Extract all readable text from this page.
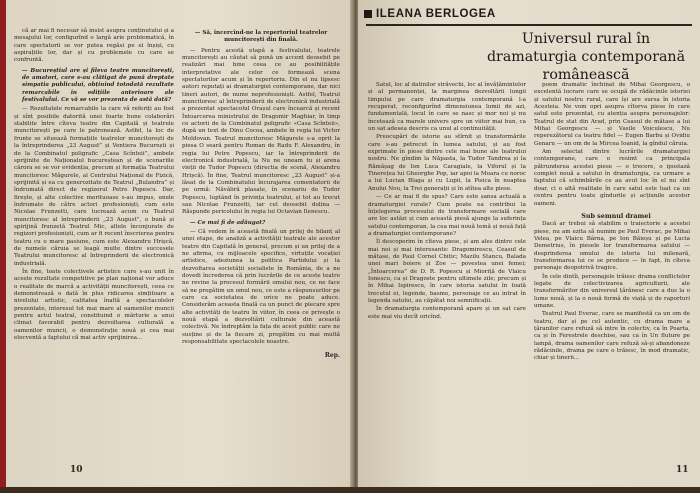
că ar mai fi necesar să insist asupra conținutului și a mesajului lor, configurînd o largă arie problematică, în care spectatorii se vor putea regăsi pe ei înșiși, cu aspirațiile lor, dar și cu problemele cu care se confruntă.

— Bucureștiul are și fileva teatre muncitorești, de amatori, care s-au clătigat de pună dreptate simpatia publicului, obținînd totodată rezultate remarcabile în edițiile anterioare ale festivalului. Ce vă se vor prezenta de astă dată?

— Rezultatele remarcabile la care vă referiți au fost și sînt posibile datorită unei foarte bune colaborări stabilite între cîteva teatre din Capitală și teatrele muncitorești pe care le patronează. Astfel, la loc de frunte se situează formațiile teatrelor muncitorești de la întreprinderea „23 August” și Ventiera București și de la Combinatul poligrafic „Casa Scînteii”, ambele sprijinite de Naționalul bucureștean și de scenariile cărora se se vor evidenția, precum și formația Teatrului muncitoresc Măgurele, al Centrului Național de Fizică, sprijinită și ea cu generozitate de Teatrul „Bulandra” și îndrumată direct de regizorul Petre Popescu. Dar, firește, și alte colective merituoase s-au impus, unele îndrumate de către actori profesioniști, cum este Nicolae Frunzetti, care lucrează acum cu Teatrul muncitoresc al întreprinderii „23 August”, o bună și spirijină frunzetă Teatrul Mic, altele înconjurate de regizori profesioniști, cum ar fi recent înscrierea pentru teatru cu o mare pasiune, cum este Alexandru Hrișcă, de numele căruia se leagă multe dintre succesele Teatrului muncitoresc al întreprinderii de electronică industrială.

În fine, toate colectivele artistice care s-au unit în aceste rezultate competitive pe plan național vor aduce o realitate de marcă a activității muncitorești, ceea ce demonstrează o dată în plus ridicarea simțitoare a nivelului artistic, calitatea înaltă a spectacolelor prezentate, interesul tot mai mare al oamenilor muncii pentru actul teatral, constituind o mărturie a unui climat favorabil pentru dezvoltarea culturală a oamenilor muncii, o demonstrație nouă și cea mai elocventă a faptului că mai activ sprijinirea...

— Să, încercînd-ne la repertoriul teatrelor muncitorești din finală.

— Pentru acestă etapă a festivalului, teatrele muncitorești au căutat să pună un accent deosebit pe realizări mai bine ceea ce au posibilitățile interpretative ale celor ce formează scena spectatorilor acum și în repertoriu. Din el nu lipsesc autori reputați ai dramaturgiei contemporane, dar nici tineri autori, de nume neprofesioniști. Astfel, Teatrul muncitoresc al întreprinderii de electronică industrială a prezentat spectacolul Orașul care încearcă și recent Întoarcerea ministrului de Dragomir Maghiar, în timp ce actorii de la Combinatul poligrafic «Casa Scînteii», după un text de Dinu Cocea, ambele în regia lui Victor Moldovan. Teatrul muncitoresc Măgurele s-a oprit la piesa O seară pentru Roman de Radu F. Alexandru, în regia lui Petre Popescu, iar la întreprinderii de electronică industrială, la Nu ne uneam tu și arena vieții de Tudor Popescu (directia de scenă, Alexandru Hrișcă). În fine, Teatrul muncitoresc „23 August” și-a lăsat de la Combinatului încurajarea comentatorii de pe urmă: Năvăliră plasate, în scenariu de Tudor Popescu, luptând în privința teatrului, și tot au trecut sau Nicolae Frunzetti, iar cel deosebit dolina — Răspunde pericolului în regia lui Octavian Ilenescu.

— Ce mai fi de adăugat?

— Că vedem în această finală un prilej de bilanț al unei etape, de analiză a activității teatrale ale acestor teatre din Capitală în general, precum și un prilej de a ne afirma, cu mijloacele specifice, virtuțile vocației artistice, adeziunea la politica Partidului și la dezvoltarea societății socialiste în România, de a ne dovedi încrederea că prin lucrările de ce aceste teatre ne revine la procesul formării omului nou, ce ne face să ne pregătim un omul nou, ce este a răspunsurilor pe care ca societatea de orice ne poate aduce. Considerăm aceasta finală ca un punct de plecare spre alte activități de teatru în viitor, în ceea ce privește o nouă etapă a dezvoltării culturale din această colectivă. Ne îndreptăm la fața de acest public care ne susține și de la fiecare zi, pregătim cu mai multă responsabilitate spectacolele noastre.

Rep.

10
ILEANA BERLOGEA
Universul rural în dramaturgia contemporană românească

Satul, loc al datinilor străvechi, loc al învățămintelor și al permanenței, la marginea dezvoltării lungii timpului pe care dramaturgia contemporană l-a recuperat, reconfigurînd dimensiunea lumii de azi, fundamentală, locul în care se nasc și mor noi și nu încetează ca marele univers spre un viitor mai bun, ca un sat adesea descris ca unul al continuității.

Preocupări de istorie au stîrnit și transformările care s-au petrecut în lumea satului, și au fost exprimate în piese dintre cele mai bune ale teatrului nostru. Ne gîndim la Năpasta, la Tudor Tandrea și la Rămășag de Ion Luca Caragiale, la Viforul și la Tinerețea lui Gheorghe Pop, iar apoi la Moara cu noroc a lui Lucian Blaga și cu Lupii, la Pisica în noaptea Anului Nou, la Trei generații și în atîtea alte piese.

— Ce ar mai fi de spus? Care este șansa actuală a dramaturgiei rurale? Cum poate ea contribui la înțelegerea procesului de transformare socială care are loc astăzi și cum această piesă ajunge la suferința satului contemporan, la cea mai nouă temă și nouă față a dramaturgiei contemporane?

Îl descoperim în cîteva piese, și am ales dintre cele mai noi și mai interesante: Dragomirescu, Ceasul de mătase, de Paul Cornel Chitic; Mazilu Stancu, Balada unei mari boiere și Zoe — povestea unei femei; „Întoarcerea” de D. R. Popescu și Mioriță de Vlaicu Ionescu, ca și Dragoste pentru ultimele zile; precum și în Mihai Ispirescu, în care istoria satului în toată trecutul ei, legende, basme, personaje ce au intrat în legenda satului, au căpătat noi semnificații.

În dramaturgia contemporană apare și un sat care este mai viu decît oricînd.

poem dramatic închinat de Mihai Georgescu, o excelentă lucrare care se ocupă de rădăcinile istoriei și satului nostru rural, care își are sursa în istoria Acesteia. Ne vom opri asupra cîtorva piese în care satul este prezentat, cu atenția asupra personajelor: Teatrul de stat din Arad, prin Ceasul de mătase a lui Mihai Georgescu — și Vasile Voiculescu, Nu reperezătorul ca teatru fidel — Eugen Barbu și Ovidiu Genaru — un om de la Mircea Ioanid, la gîndul căruia.

Am selectat dintre lucrările dramaturgiei contemporane, care o resimt ca principala pătrunderea acestei piese — o trecere, o ipostază complet nouă a satului în dramaturgia, ca urmare a faptului că schimbările ce au avut loc în el nu sînt doar, ci o altă realitate în care satul este luat ca un centru pentru toate gîndurile și acțiunile acestor oameni.

Sub semnul dramei

Dacă ar trebui să stabilim o traiectorie a acestei piese, nu am ezita să numim pe Paul Everac, pe Mihai Velea, pe Vlaicu Bârna, pe Ion Băieșu și pe Lucia Demetrius, în piesele lor transformarea satului — desprinderea omului de istoria lui milenară, transformarea lui ce se produce — în fapt, în cîteva personaje deopotrivă tragice.

În cele dintîi, personajele trăiesc drama conflictelor legate de colectivizarea agriculturii, ale transformărilor din universul țărănesc care a dus la o lume nouă, și la o nouă formă de viață și de raporturi umane.

Teatrul Paul Everac, care se manifestă ca un om de teatru, dar și pe cel autentic, cu drama mare a țăranilor care refuză să intre în colectiv, ca în Poarta, ca și în Ferestrele deschise, sau ca în Un fluture pe lampă, drama oamenilor care refuză să-și abandoneze rădăcinile, drama pe care o trăiesc, în mod dramatic, chiar și tinerii...

11
